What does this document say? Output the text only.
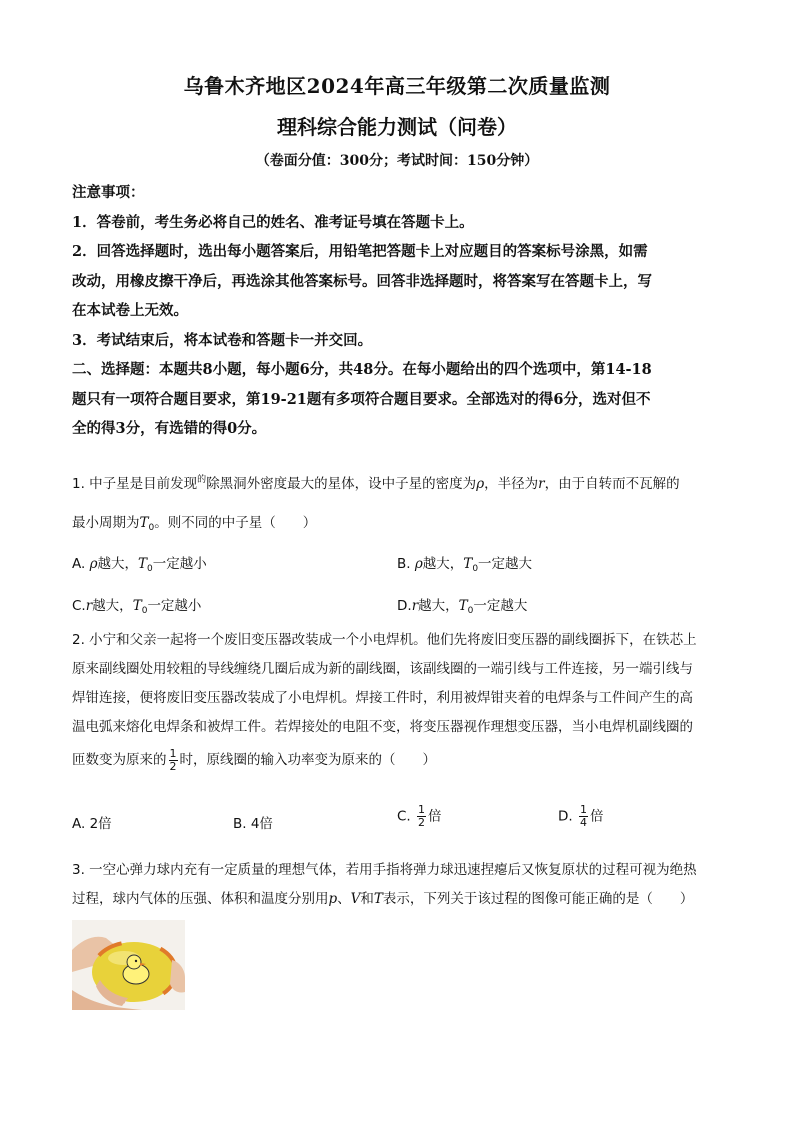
乌鲁木齐地区2024年高三年级第二次质量监测
理科综合能力测试（问卷）
（卷面分值：300分；考试时间：150分钟）
注意事项：
1．答卷前，考生务必将自己的姓名、准考证号填在答题卡上。
2．回答选择题时，选出每小题答案后，用铅笔把答题卡上对应题目的答案标号涂黑，如需
改动，用橡皮擦干净后，再选涂其他答案标号。回答非选择题时，将答案写在答题卡上，写
在本试卷上无效。
3．考试结束后，将本试卷和答题卡一并交回。
二、选择题：本题共8小题，每小题6分，共48分。在每小题给出的四个选项中，第14-18
题只有一项符合题目要求，第19-21题有多项符合题目要求。全部选对的得6分，选对但不
全的得3分，有选错的得0分。
1. 中子星是目前发现$^的$除黑洞外密度最大的星体，设中子星的密度为ρ，半径为r，由于自转而不瓦解的
最小周期为$T_0$。则不同的中子星（　　）
A. ρ越大，$T_0$一定越小	B. ρ越大，$T_0$一定越大
C.r越大，$T_0$一定越小	D.r越大，$T_0$一定越大
2. 小宁和父亲一起将一个废旧变压器改装成一个小电焊机。他们先将废旧变压器的副线圈拆下，在铁芯上
原来副线圈处用较粗的导线缠绕几圈后成为新的副线圈，该副线圈的一端引线与工件连接，另一端引线与
焊钳连接，便将废旧变压器改装成了小电焊机。焊接工件时，利用被焊钳夹着的电焊条与工件间产生的高
温电弧来熔化电焊条和被焊工件。若焊接处的电阻不变，将变压器视作理想变压器，当小电焊机副线圈的
匝数变为原来的 $\frac{1}{2}$ 时，原线圈的输入功率变为原来的（　　）
A. 2倍	B. 4倍	C. $\frac{1}{2}$ 倍	D. $\frac{1}{4}$ 倍
3. 一空心弹力球内充有一定质量的理想气体，若用手指将弹力球迅速捏瘪后又恢复原状的过程可视为绝热
过程，球内气体的压强、体积和温度分别用p、V和T表示，下列关于该过程的图像可能正确的是（　　）
